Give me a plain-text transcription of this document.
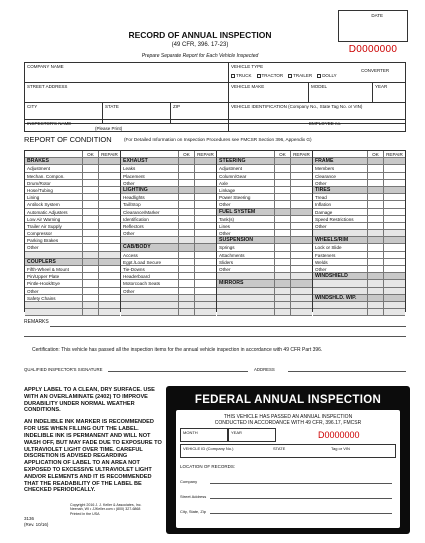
DATE
D0000000
RECORD OF ANNUAL INSPECTION
(49 CFR, 396. 17-23)
Prepare Separate Report for Each Vehicle Inspected
COMPANY NAME	VEHICLE TYPE
CONVERTER
TRUCK	TRACTOR	TRAILER	DOLLY
STREET ADDRESS	VEHICLE MAKE	MODEL	YEAR
CITY	STATE	ZIP	VEHICLE IDENTIFICATION (Company No., State Tag No. or VIN)
INSPECTOR'S NAME
(Please Print)
EMPLOYEE no.
REPORT OF CONDITION	(For Detailed Information on Inspection Procedures see FMCSR Section 396, Appendix G)
OK	REPAIR
BRAKES
Adjustment
Mechan. Compon.
Drum/Rotor
Hose/Tubing
Lining
Antilock System
Automatic Adjusters
Low Air Warning
Trailer Air Supply
Compressor
Parking Brakes
Other
COUPLERS
Fifth-Wheel & Mount
Pin/Upper Plate
Pintle-Hook/Eye
Other
Safety Chains
OK	REPAIR
EXHAUST
Leaks
Placement
Other
LIGHTING
Headlights
Tail/Stop
Clearance/Marker
Identification
Reflectors
Other
CAB/BODY
Access
Egpt./Load Secure
Tie-Downs
Headerboard
Motorcoach Seats
Other
OK	REPAIR
STEERING
Adjustment
Column/Gear
Axle
Linkage
Power Steering
Other
FUEL SYSTEM
Tank(s)
Lines
Other
SUSPENSION
Springs
Attachments
Sliders
Other
MIRRORS
OK	REPAIR
FRAME
Members
Clearance
Other
TIRES
Tread
Inflation
Damage
Speed Restrictions
Other
WHEELS/RIM
Lock or Slide
Fasteners
Welds
Other
WINDSHIELD
WINDSHLD. WIP.
REMARKS
Certification: This vehicle has passed all the inspection items for the annual vehicle inspection in accordance with 49 CFR Part 396.
QUALIFIED INSPECTOR'S SIGNATURE	ADDRESS

APPLY LABEL TO A CLEAN, DRY SURFACE. USE WITH AN OVERLAMINATE (2402) TO IMPROVE DURABILITY UNDER NORMAL WEATHER CONDITIONS.

AN INDELIBLE INK MARKER IS RECOMMENDED FOR USE WHEN FILLING OUT THE LABEL. INDELIBLE INK IS PERMANENT AND WILL NOT WASH OFF, BUT MAY FADE DUE TO EXPOSURE TO ULTRAVIOLET LIGHT OVER TIME. CAREFUL DISCRETION IS ADVISED REGARDING APPLICATION OF LABEL TO AN AREA NOT EXPOSED TO EXCESSIVE ULTRAVIOLET LIGHT AND/OR ELEMENTS AND IT IS RECOMMENDED THAT THE READABILITY OF THE LABEL BE CHECKED PERIODICALLY.

Copyright 2016 J. J. Keller & Associates, Inc.
Neenah, WI • JJKeller.com • (800) 327-6868
Printed in the USA
3136
(Rev. 10/16)
FEDERAL ANNUAL INSPECTION
THIS VEHICLE HAS PASSED AN ANNUAL INSPECTION
CONDUCTED IN ACCORDANCE WITH 49 CFR, 396.17, FMCSR
MONTH	YEAR	D0000000
VEHICLE ID (Company No.)	STATE	Tag or VIN
LOCATION OF RECORDS:
Company
Street Address
City, State, Zip
